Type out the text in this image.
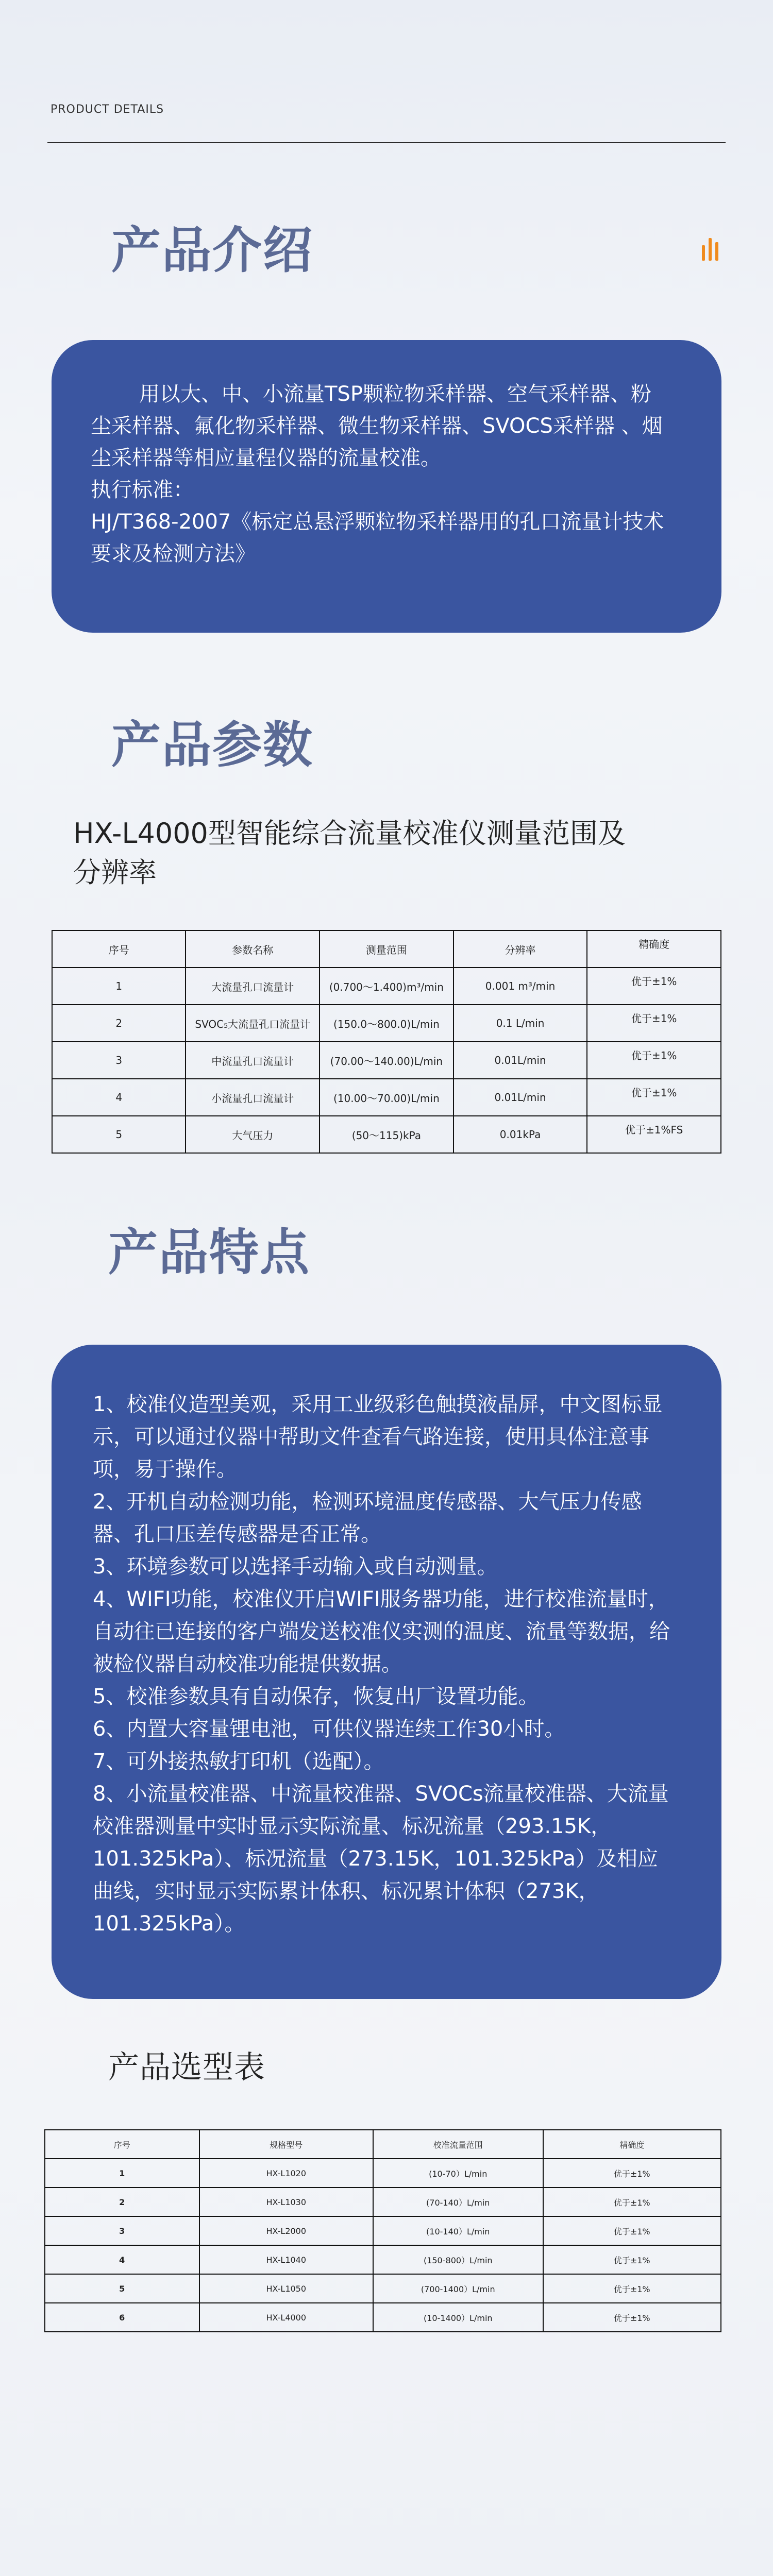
PRODUCT DETAILS
产品介绍

用以大、中、小流量TSP颗粒物采样器、空气采样器、粉尘采样器、氟化物采样器、微生物采样器、SVOCS采样器 、烟尘采样器等相应量程仪器的流量校准。

执行标准：

HJ/T368-2007《标定总悬浮颗粒物采样器用的孔口流量计技术要求及检测方法》

产品参数
HX-L4000型智能综合流量校准仪测量范围及分辨率
序号	参数名称	测量范围	分辨率	精确度
1	大流量孔口流量计	(0.700～1.400)m³/min	0.001 m³/min	优于±1%
2	SVOC₅大流量孔口流量计	(150.0～800.0)L/min	0.1 L/min	优于±1%
3	中流量孔口流量计	(70.00～140.00)L/min	0.01L/min	优于±1%
4	小流量孔口流量计	(10.00～70.00)L/min	0.01L/min	优于±1%
5	大气压力	(50～115)kPa	0.01kPa	优于±1%FS
产品特点

1、校准仪造型美观，采用工业级彩色触摸液晶屏，中文图标显示，可以通过仪器中帮助文件查看气路连接，使用具体注意事项，易于操作。

2、开机自动检测功能，检测环境温度传感器、大气压力传感器、孔口压差传感器是否正常。

3、环境参数可以选择手动输入或自动测量。

4、WIFI功能，校准仪开启WIFI服务器功能，进行校准流量时，自动往已连接的客户端发送校准仪实测的温度、流量等数据，给被检仪器自动校准功能提供数据。

5、校准参数具有自动保存，恢复出厂设置功能。

6、内置大容量锂电池，可供仪器连续工作30小时。

7、可外接热敏打印机（选配）。

8、小流量校准器、中流量校准器、SVOCs流量校准器、大流量校准器测量中实时显示实际流量、标况流量（293.15K，101.325kPa）、标况流量（273.15K，101.325kPa）及相应曲线，实时显示实际累计体积、标况累计体积（273K，101.325kPa）。

产品选型表
序号	规格型号	校准流量范围	精确度
1	HX-L1020	(10-70）L/min	优于±1%
2	HX-L1030	(70-140）L/min	优于±1%
3	HX-L2000	(10-140）L/min	优于±1%
4	HX-L1040	(150-800）L/min	优于±1%
5	HX-L1050	(700-1400）L/min	优于±1%
6	HX-L4000	(10-1400）L/min	优于±1%
